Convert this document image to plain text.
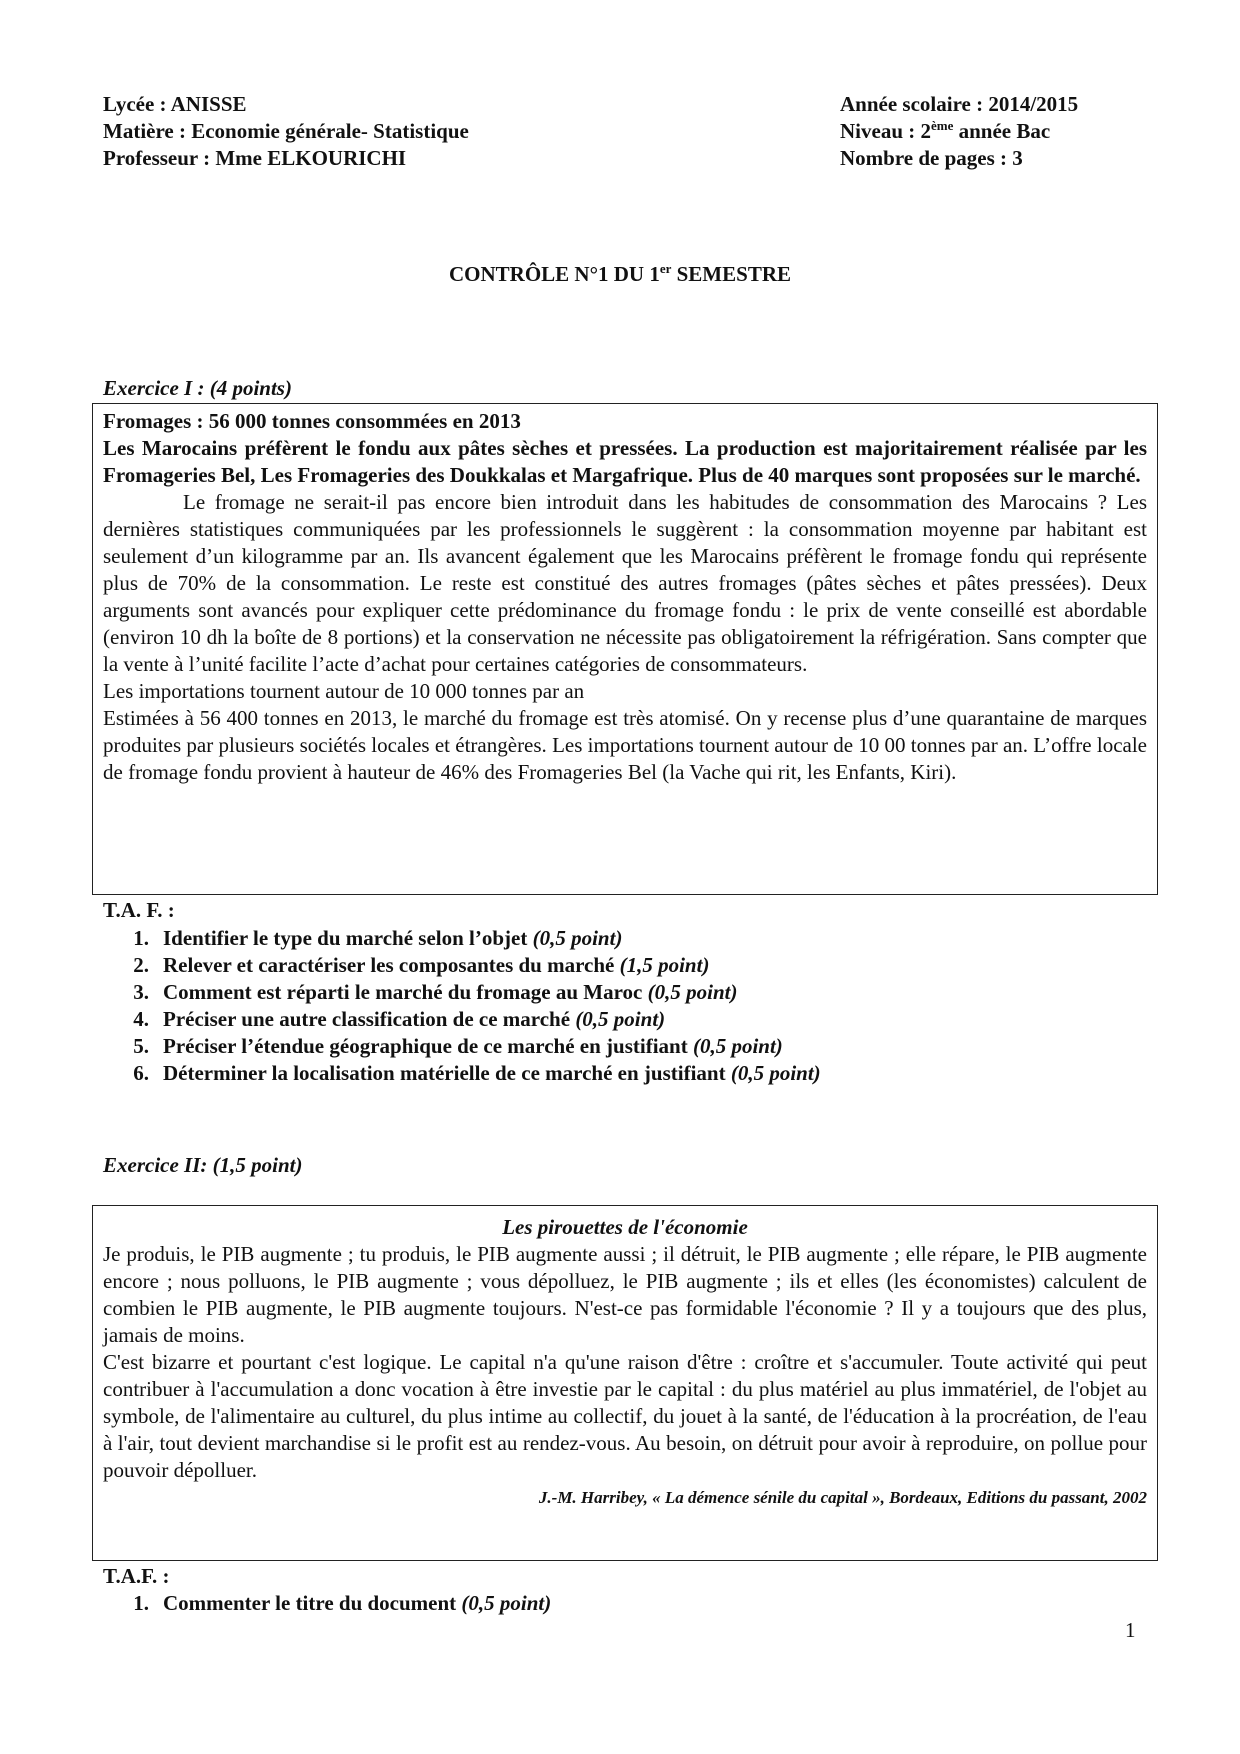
Lycée : ANISSE
Matière : Economie générale- Statistique
Professeur : Mme ELKOURICHI
Année scolaire : 2014/2015
Niveau : 2ème année Bac
Nombre de pages : 3
CONTRÔLE N°1 DU 1er SEMESTRE
Exercice I : (4 points)

Fromages : 56 000 tonnes consommées en 2013

Les Marocains préfèrent le fondu aux pâtes sèches et pressées. La production est majoritairement réalisée par les Fromageries Bel, Les Fromageries des Doukkalas et Margafrique. Plus de 40 marques sont proposées sur le marché.

Le fromage ne serait-il pas encore bien introduit dans les habitudes de consommation des Marocains ? Les dernières statistiques communiquées par les professionnels le suggèrent : la consommation moyenne par habitant est seulement d’un kilogramme par an. Ils avancent également que les Marocains préfèrent le fromage fondu qui représente plus de 70% de la consommation. Le reste est constitué des autres fromages (pâtes sèches et pâtes pressées). Deux arguments sont avancés pour expliquer cette prédominance du fromage fondu : le prix de vente conseillé est abordable (environ 10 dh la boîte de 8 portions) et la conservation ne nécessite pas obligatoirement la réfrigération. Sans compter que la vente à l’unité facilite l’acte d’achat pour certaines catégories de consommateurs.

Les importations tournent autour de 10 000 tonnes par an

Estimées à 56 400 tonnes en 2013, le marché du fromage est très atomisé. On y recense plus d’une quarantaine de marques produites par plusieurs sociétés locales et étrangères. Les importations tournent autour de 10 00 tonnes par an. L’offre locale de fromage fondu provient à hauteur de 46% des Fromageries Bel (la Vache qui rit, les Enfants, Kiri).

T.A. F. :
1. Identifier le type du marché selon l’objet (0,5 point)
2. Relever et caractériser les composantes du marché (1,5 point)
3. Comment est réparti le marché du fromage au Maroc (0,5 point)
4. Préciser une autre classification de ce marché (0,5 point)
5. Préciser l’étendue géographique de ce marché en justifiant (0,5 point)
6. Déterminer la localisation matérielle de ce marché en justifiant (0,5 point)
Exercice II: (1,5 point)

Les pirouettes de l'économie

Je produis, le PIB augmente ; tu produis, le PIB augmente aussi ; il détruit, le PIB augmente ; elle répare, le PIB augmente encore ; nous polluons, le PIB augmente ; vous dépolluez, le PIB augmente ; ils et elles (les économistes) calculent de combien le PIB augmente, le PIB augmente toujours. N'est-ce pas formidable l'économie ? Il y a toujours que des plus, jamais de moins.

C'est bizarre et pourtant c'est logique. Le capital n'a qu'une raison d'être : croître et s'accumuler. Toute activité qui peut contribuer à l'accumulation a donc vocation à être investie par le capital : du plus matériel au plus immatériel, de l'objet au symbole, de l'alimentaire au culturel, du plus intime au collectif, du jouet à la santé, de l'éducation à la procréation, de l'eau à l'air, tout devient marchandise si le profit est au rendez-vous. Au besoin, on détruit pour avoir à reproduire, on pollue pour pouvoir dépolluer.

J.-M. Harribey, « La démence sénile du capital », Bordeaux, Editions du passant, 2002

T.A.F. :
1. Commenter le titre du document (0,5 point)
1
